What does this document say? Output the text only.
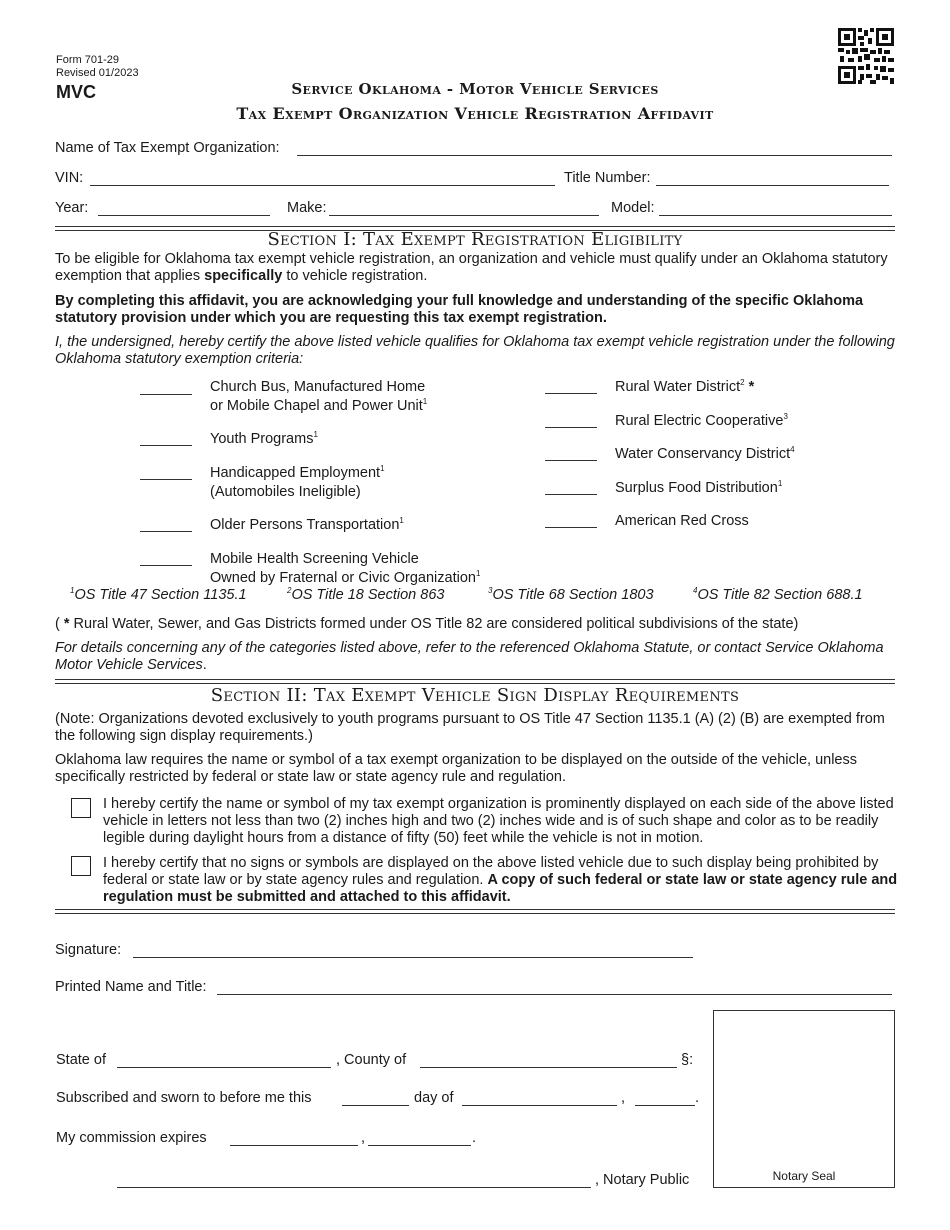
Form 701-29
Revised 01/2023
MVC	Service Oklahoma - Motor Vehicle Services
Tax Exempt Organization Vehicle Registration Affidavit
Name of Tax Exempt Organization:
VIN:	Title Number:
Year:	Make:	Model:
Section I: Tax Exempt Registration Eligibility
To be eligible for Oklahoma tax exempt vehicle registration, an organization and vehicle must qualify under an Oklahoma statutory exemption that applies specifically to vehicle registration.
By completing this affidavit, you are acknowledging your full knowledge and understanding of the specific Oklahoma statutory provision under which you are requesting this tax exempt registration.
I, the undersigned, hereby certify the above listed vehicle qualifies for Oklahoma tax exempt vehicle registration under the following Oklahoma statutory exemption criteria:
Church Bus, Manufactured Home
or Mobile Chapel and Power Unit$^1$
Youth Programs$^1$
Handicapped Employment$^1$
(Automobiles Ineligible)
Older Persons Transportation$^1$
Mobile Health Screening Vehicle
Owned by Fraternal or Civic Organization$^1$
Rural Water District$^2$ *
Rural Electric Cooperative$^3$
Water Conservancy District$^4$
Surplus Food Distribution$^1$
American Red Cross
$^1$OS Title 47 Section 1135.1	$^2$OS Title 18 Section 863	$^3$OS Title 68 Section 1803	$^4$OS Title 82 Section 688.1
( * Rural Water, Sewer, and Gas Districts formed under OS Title 82 are considered political subdivisions of the state)
For details concerning any of the categories listed above, refer to the referenced Oklahoma Statute, or contact Service Oklahoma Motor Vehicle Services.
Section II: Tax Exempt Vehicle Sign Display Requirements
(Note: Organizations devoted exclusively to youth programs pursuant to OS Title 47 Section 1135.1 (A) (2) (B) are exempted from the following sign display requirements.)
Oklahoma law requires the name or symbol of a tax exempt organization to be displayed on the outside of the vehicle, unless specifically restricted by federal or state law or state agency rule and regulation.
I hereby certify the name or symbol of my tax exempt organization is prominently displayed on each side of the above listed vehicle in letters not less than two (2) inches high and two (2) inches wide and is of such shape and color as to be readily legible during daylight hours from a distance of fifty (50) feet while the vehicle is not in motion.
I hereby certify that no signs or symbols are displayed on the above listed vehicle due to such display being prohibited by federal or state law or by state agency rules and regulation. A copy of such federal or state law or state agency rule and regulation must be submitted and attached to this affidavit.
Signature:
Printed Name and Title:
State of	, County of	§:
Subscribed and sworn to before me this	day of	,	.
My commission expires	,	.
, Notary Public	Notary Seal
